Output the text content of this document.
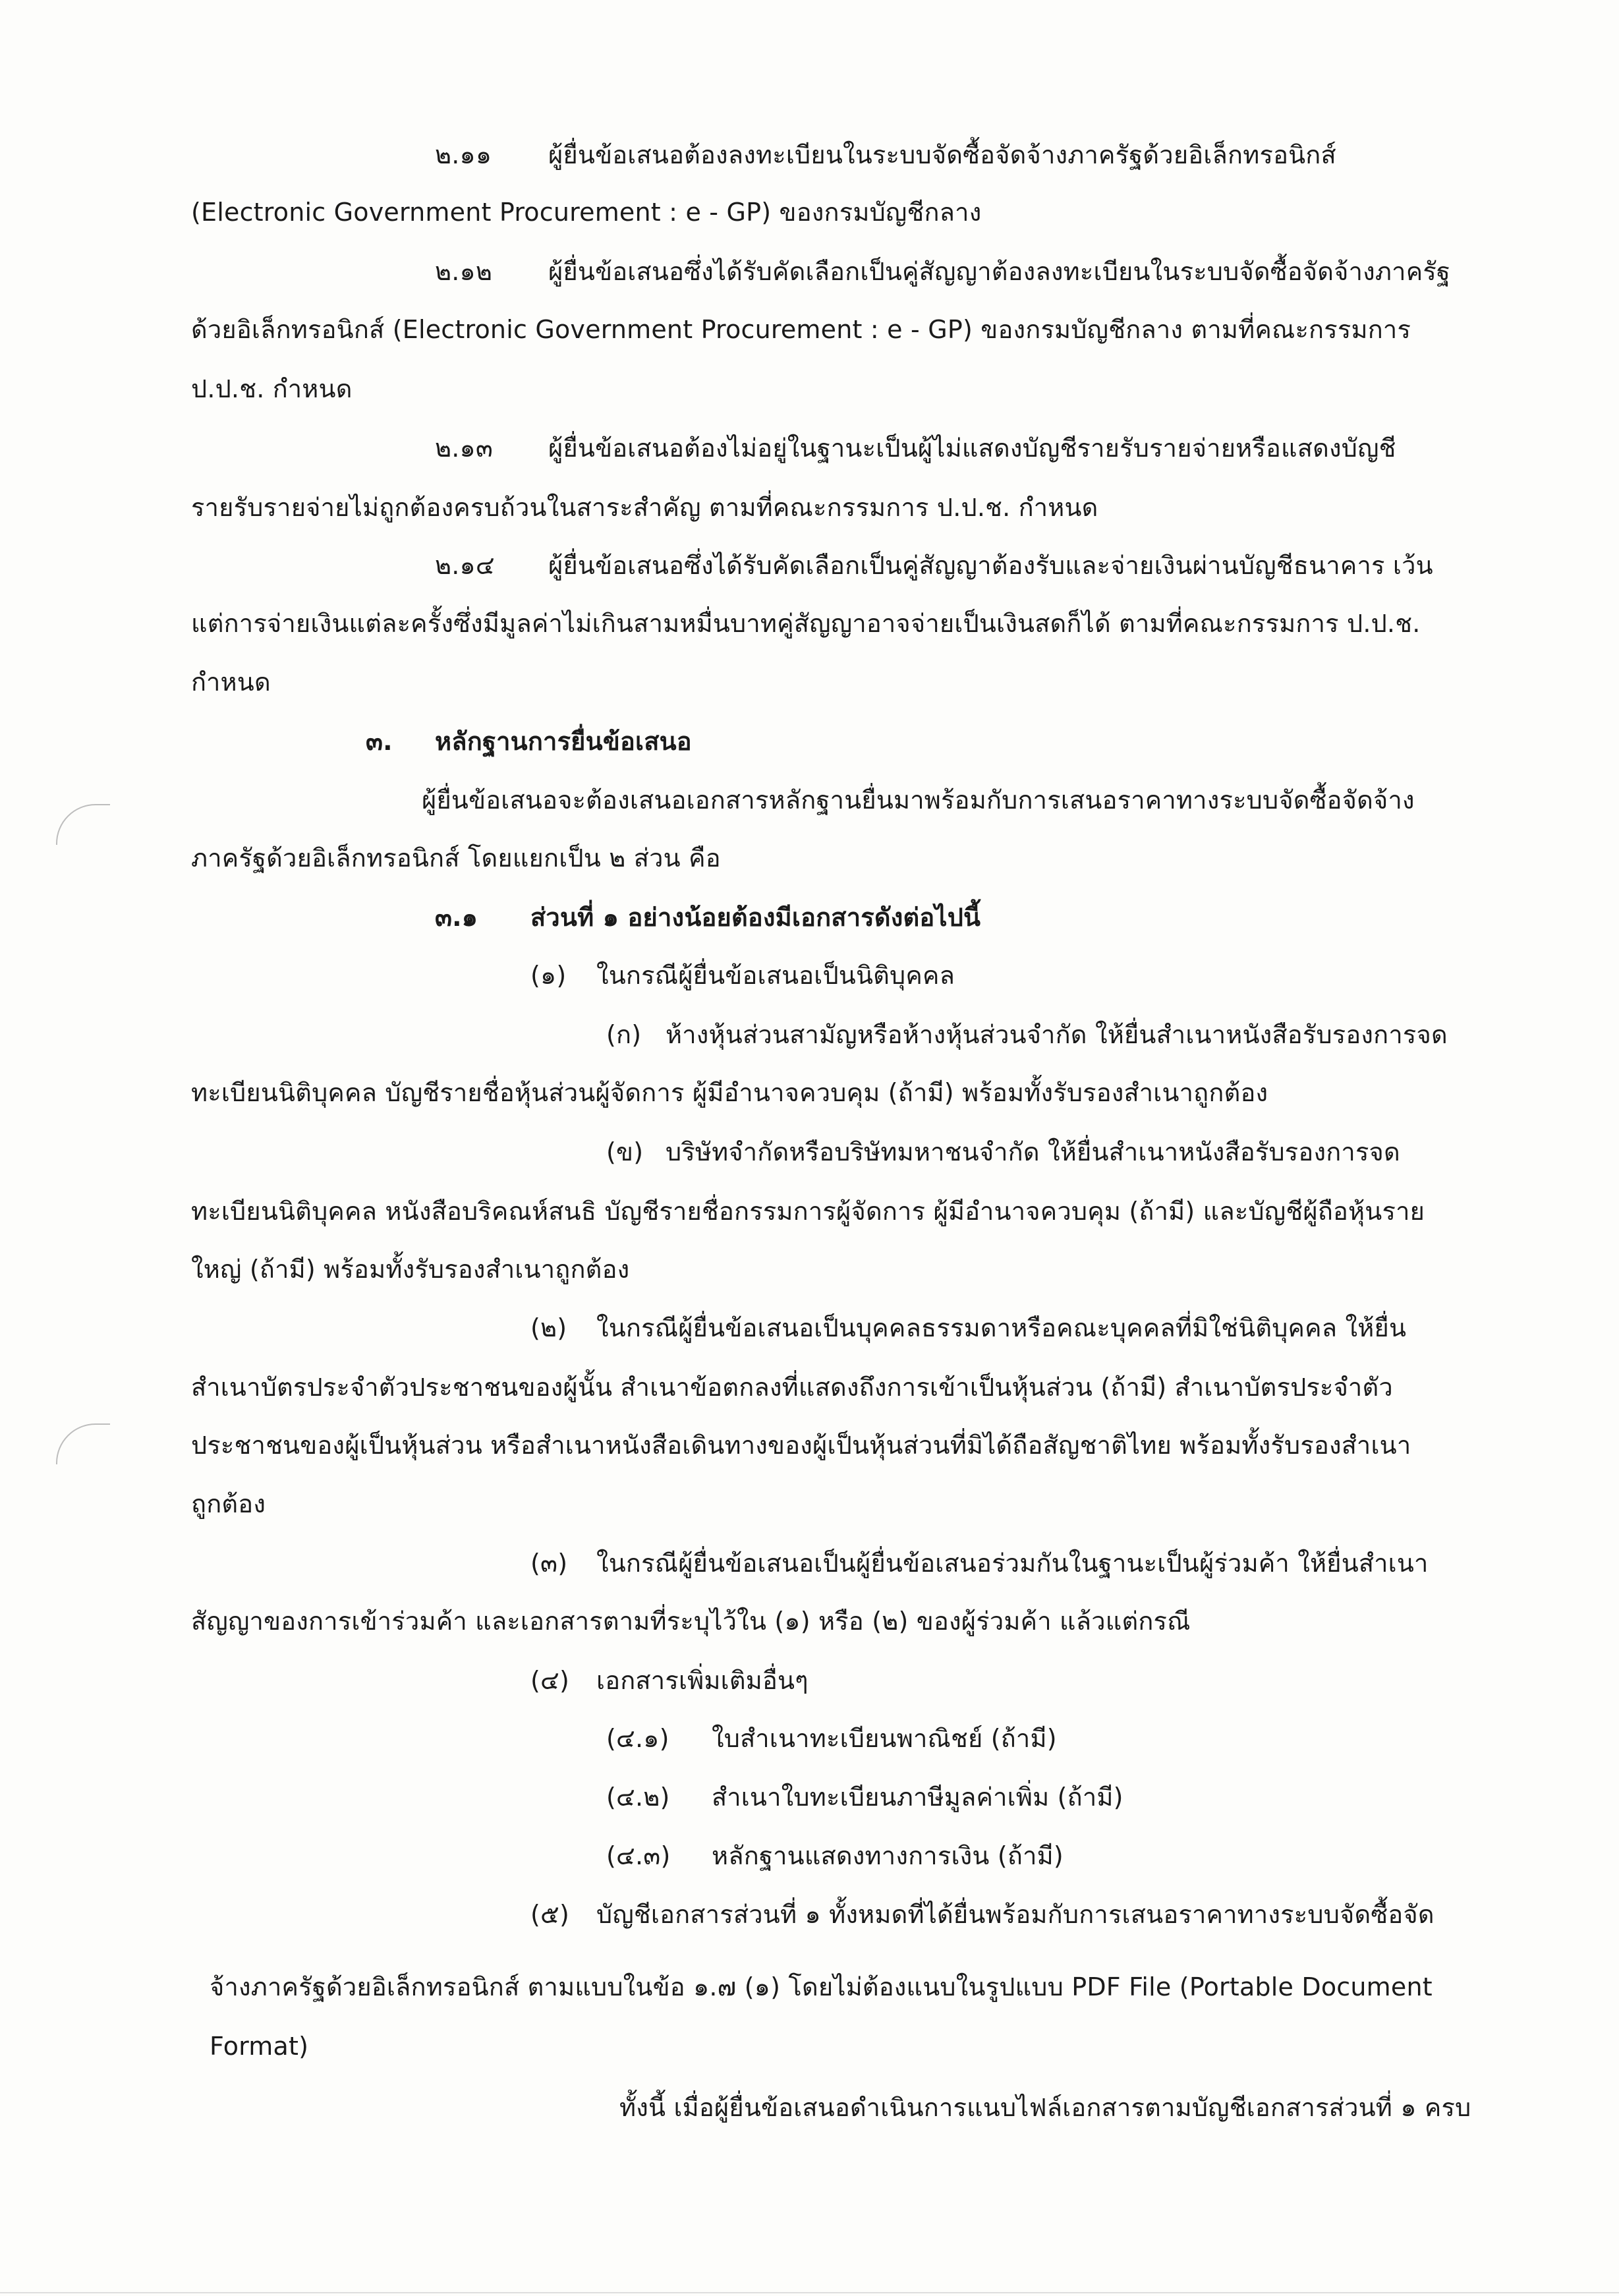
๒.๑๑ ผู้ยื่นข้อเสนอต้องลงทะเบียนในระบบจัดซื้อจัดจ้างภาครัฐด้วยอิเล็กทรอนิกส์
(Electronic Government Procurement : e - GP) ของกรมบัญชีกลาง
๒.๑๒ ผู้ยื่นข้อเสนอซึ่งได้รับคัดเลือกเป็นคู่สัญญาต้องลงทะเบียนในระบบจัดซื้อจัดจ้างภาครัฐ
ด้วยอิเล็กทรอนิกส์ (Electronic Government Procurement : e - GP) ของกรมบัญชีกลาง ตามที่คณะกรรมการ
ป.ป.ช. กำหนด
๒.๑๓ ผู้ยื่นข้อเสนอต้องไม่อยู่ในฐานะเป็นผู้ไม่แสดงบัญชีรายรับรายจ่ายหรือแสดงบัญชี
รายรับรายจ่ายไม่ถูกต้องครบถ้วนในสาระสำคัญ ตามที่คณะกรรมการ ป.ป.ช. กำหนด
๒.๑๔ ผู้ยื่นข้อเสนอซึ่งได้รับคัดเลือกเป็นคู่สัญญาต้องรับและจ่ายเงินผ่านบัญชีธนาคาร เว้น
แต่การจ่ายเงินแต่ละครั้งซึ่งมีมูลค่าไม่เกินสามหมื่นบาทคู่สัญญาอาจจ่ายเป็นเงินสดก็ได้ ตามที่คณะกรรมการ ป.ป.ช.
กำหนด
๓. หลักฐานการยื่นข้อเสนอ
ผู้ยื่นข้อเสนอจะต้องเสนอเอกสารหลักฐานยื่นมาพร้อมกับการเสนอราคาทางระบบจัดซื้อจัดจ้าง
ภาครัฐด้วยอิเล็กทรอนิกส์ โดยแยกเป็น ๒ ส่วน คือ
๓.๑ ส่วนที่ ๑ อย่างน้อยต้องมีเอกสารดังต่อไปนี้
(๑) ในกรณีผู้ยื่นข้อเสนอเป็นนิติบุคคล
(ก) ห้างหุ้นส่วนสามัญหรือห้างหุ้นส่วนจำกัด ให้ยื่นสำเนาหนังสือรับรองการจด
ทะเบียนนิติบุคคล บัญชีรายชื่อหุ้นส่วนผู้จัดการ ผู้มีอำนาจควบคุม (ถ้ามี) พร้อมทั้งรับรองสำเนาถูกต้อง
(ข) บริษัทจำกัดหรือบริษัทมหาชนจำกัด ให้ยื่นสำเนาหนังสือรับรองการจด
ทะเบียนนิติบุคคล หนังสือบริคณห์สนธิ บัญชีรายชื่อกรรมการผู้จัดการ ผู้มีอำนาจควบคุม (ถ้ามี) และบัญชีผู้ถือหุ้นราย
ใหญ่ (ถ้ามี) พร้อมทั้งรับรองสำเนาถูกต้อง
(๒) ในกรณีผู้ยื่นข้อเสนอเป็นบุคคลธรรมดาหรือคณะบุคคลที่มิใช่นิติบุคคล ให้ยื่น
สำเนาบัตรประจำตัวประชาชนของผู้นั้น สำเนาข้อตกลงที่แสดงถึงการเข้าเป็นหุ้นส่วน (ถ้ามี) สำเนาบัตรประจำตัว
ประชาชนของผู้เป็นหุ้นส่วน หรือสำเนาหนังสือเดินทางของผู้เป็นหุ้นส่วนที่มิได้ถือสัญชาติไทย พร้อมทั้งรับรองสำเนา
ถูกต้อง
(๓) ในกรณีผู้ยื่นข้อเสนอเป็นผู้ยื่นข้อเสนอร่วมกันในฐานะเป็นผู้ร่วมค้า ให้ยื่นสำเนา
สัญญาของการเข้าร่วมค้า และเอกสารตามที่ระบุไว้ใน (๑) หรือ (๒) ของผู้ร่วมค้า แล้วแต่กรณี
(๔) เอกสารเพิ่มเติมอื่นๆ
(๔.๑) ใบสำเนาทะเบียนพาณิชย์ (ถ้ามี)
(๔.๒) สำเนาใบทะเบียนภาษีมูลค่าเพิ่ม (ถ้ามี)
(๔.๓) หลักฐานแสดงทางการเงิน (ถ้ามี)
(๕) บัญชีเอกสารส่วนที่ ๑ ทั้งหมดที่ได้ยื่นพร้อมกับการเสนอราคาทางระบบจัดซื้อจัด
จ้างภาครัฐด้วยอิเล็กทรอนิกส์ ตามแบบในข้อ ๑.๗ (๑) โดยไม่ต้องแนบในรูปแบบ PDF File (Portable Document
Format)
ทั้งนี้ เมื่อผู้ยื่นข้อเสนอดำเนินการแนบไฟล์เอกสารตามบัญชีเอกสารส่วนที่ ๑ ครบ
